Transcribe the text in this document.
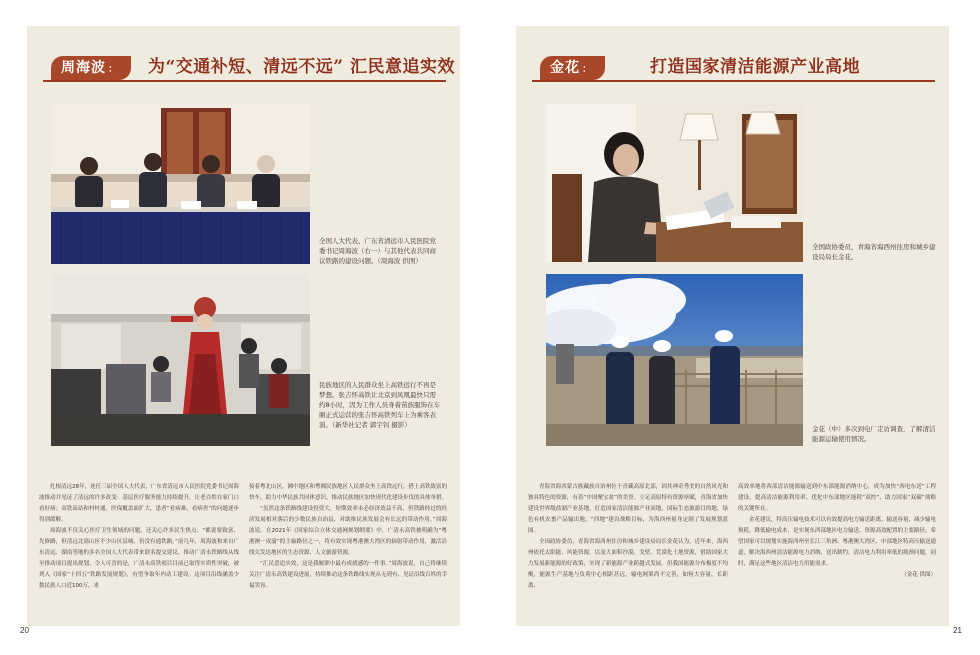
周海波 ：	为“交通补短、清远不远” 汇民意追实效
全国人大代表、广东省清远市人民医院党委书记周海波（右一）与其他代表共同商议铁路的建设问题。（周海波 供图）
民族地区的人民群众坐上高铁远行不再是梦想。张吉怀高铁让北京到凤凰最快只需约8小时，因为工作人员身着苗族服饰在车厢正式运营的张吉怀高铁列车上为乘客表演。（新华社记者 郭宇钊 摄影）

扎根清远28年，连任三届全国人大代表，广东省清远市人民医院党委书记周海波推动并见证了清远的许多改变：基层医疗服务能力持续提升，让老百姓在家门口看好病；高铁高站和村村通，医保覆盖面扩大，患者“看病难、看病贵”的问题逐步得到缓解。

周海波不仅关心医疗卫生领域的问题，还关心许多民生热点：“都说要致富，先修路，但清远北部山区不少山区县城，仍没有通铁路。”前几年，周海波和来自广东清远、湖南等地的多名全国人大代表带来联名提交建议，推动广清永铁路线从线至推动项目提出规划。令人可喜的是，广清永高铁项目目前已取得实质性突破，被列入《国家“十四五”铁路发展规划》，有望争取年内动工建设。这项目沿线涵盖少数民族人口近100万，来

接着粤北山区，湘中地区和粤湘民族地区人民群众坐上高铁远行，搭上高铁致富的快车，助力中华民族共同体意识，推动民族地区加快现代化建设步伐的具体举措。

“虽然这条铁路线建设投资大，短期效率未必经济效益不高，但铁路经过的经济发展相对落后的少数民族自治县，对助推民族发展会有长远的带动作用。”周海波说。在2021年《国家综合立体交通网规划纲要》中，广清永高铁被明确为“粤港澳－成渝”的主轴路径之一，将有效实现粤港澳大湾区的辐射带动作用，激活沿线欠发达地区的生态资源、人文旅游资源。

“汇民意追实效，这是我履职中最有成就感的一件事。”周海波说，自己将继续关注广清永高铁建设进展，持续推动这条铁路线实现从无到有、见证沿线百姓的幸福笑容。

20
金花 ：	打造国家清洁能源产业高地
全国政协委员，青海省海西州住房和城乡建设局局长金花。
金花（中）多次到电厂走访调查，了解清洁能源运输使用情况。

青海省海西蒙古族藏族自治州位于青藏高原北部，因其神奇秀美的自然风光和独具特色的资源，有着“中国聚宝盆”的美誉。立足高原特有资源禀赋，青海省加快建设世界级盐湖产业基地，打造国家清洁能源产业高地、国际生态旅游目的地、绿色有机农畜产品输出地。“四地”建设战略目标，为海西州量身定制了发展规划蓝图。

全国政协委员、青海省海西州住房和城乡建设局局长金花认为，近年来，海西州依托太阳能、风能资源，以及大面积沙漠、戈壁、荒漠化土地资源，借助国家大力发展新能源的好政策，实现了新能源产业跨越式发展。但我国能源分布极度不均衡，能源生产基地与负荷中心相距甚远，输电网架尚不完善，如何大容量、长距离、

高效率地将西部清洁能源输送到中东部能源消纳中心，成为加快“西电东送”工程建设、提高清洁能源利用率、优化中东部地区能耗“双控”，助力国家“双碳”战略的关键所在。

金花建议，特高压输电技术可以有效提高电力输送距离、输送容量，减少输电损耗，降低输电成本，是实现东西部地区电力输送、资源高效配置的主要路径。希望国家可以规划实施海西州至长江三角洲、粤港澳大湾区、中部地区特高压输送通道，解决海西州清洁能源电力消纳、送出制约，清洁电力利用率低的瓶颈问题，同时，满足这些地区清洁电力用能需求。

（金花 供图）

21
